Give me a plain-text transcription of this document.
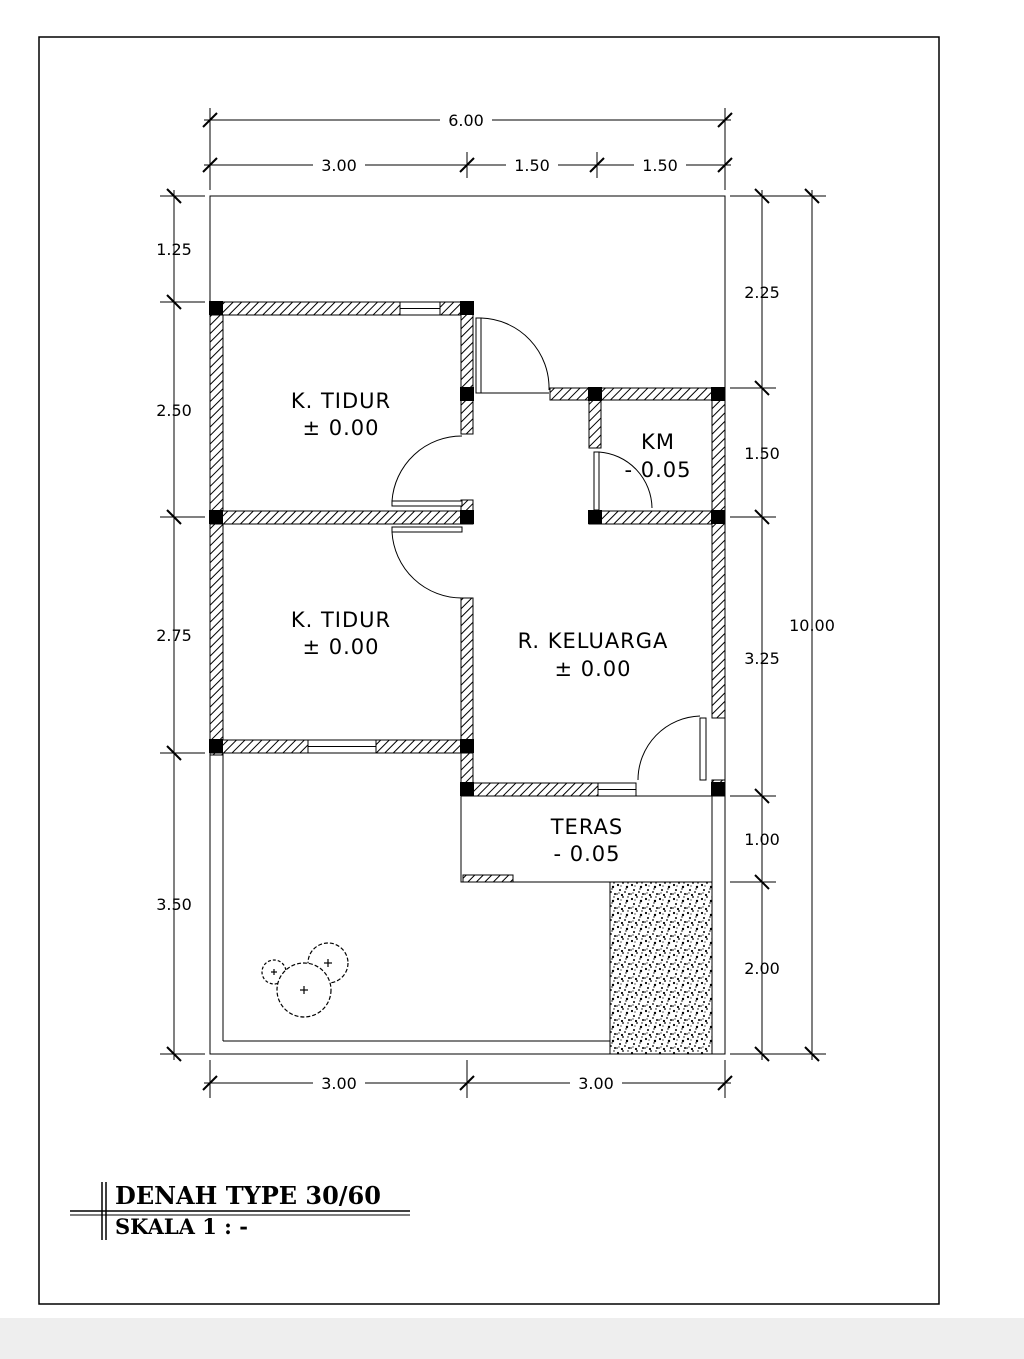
6.00
3.00	1.50	1.50
3.00	3.00
1.25
2.50
2.75
3.50
2.25
1.50
3.25
1.00
2.00
10.00
K. TIDUR
± 0.00
K. TIDUR
± 0.00
KM
- 0.05
R. KELUARGA
± 0.00
TERAS
- 0.05
DENAH TYPE 30/60
SKALA 1 : -
